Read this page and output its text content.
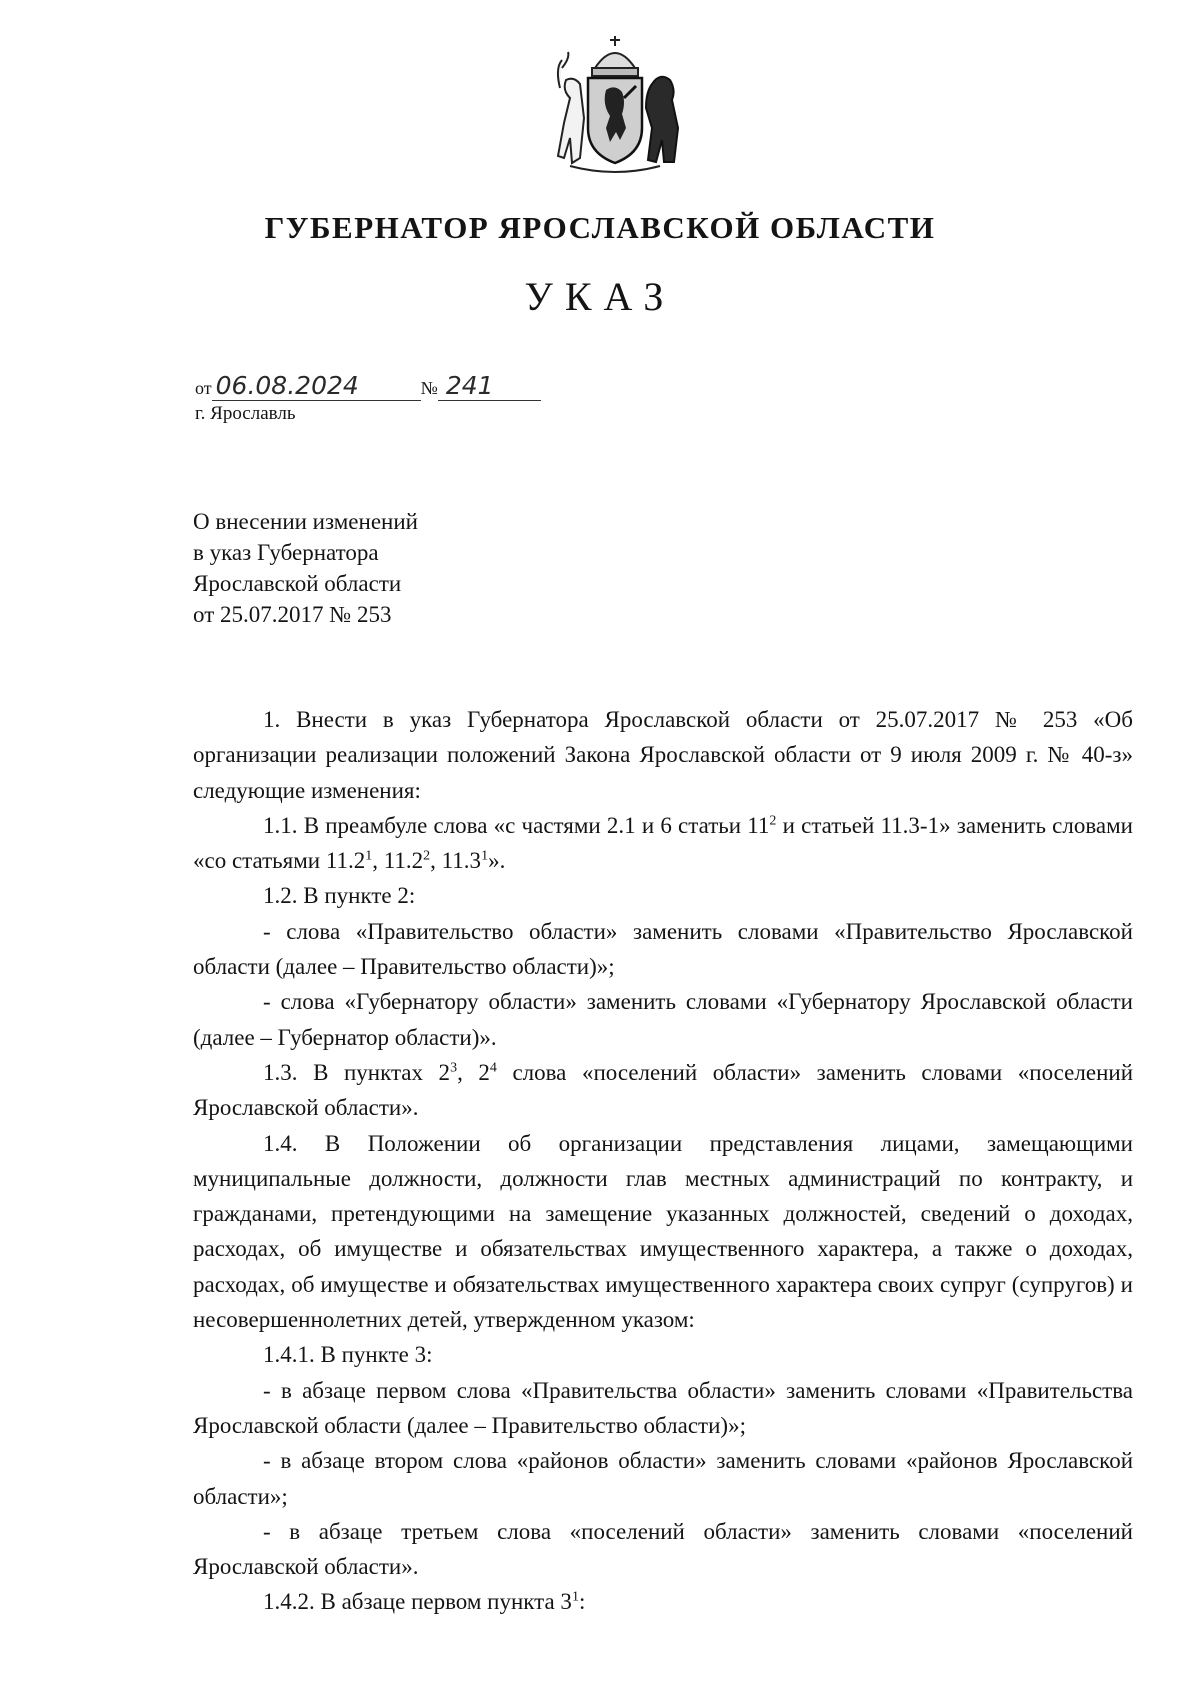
ГУБЕРНАТОР ЯРОСЛАВСКОЙ ОБЛАСТИ
УКАЗ
от 06.08.2024	№ 241
г. Ярославль
О внесении изменений
в указ Губернатора
Ярославской области
от 25.07.2017 № 253

1. Внести в указ Губернатора Ярославской области от 25.07.2017 № 253 «Об организации реализации положений Закона Ярославской области от 9 июля 2009 г. № 40-з» следующие изменения:

1.1. В преамбуле слова «с частями 2.1 и 6 статьи $11^2$ и статьей 11.3-1» заменить словами «со статьями 11.2$^1$, 11.2$^2$, 11.3$^1$».

1.2. В пункте 2:

- слова «Правительство области» заменить словами «Правительство Ярославской области (далее – Правительство области)»;

- слова «Губернатору области» заменить словами «Губернатору Ярославской области (далее – Губернатор области)».

1.3. В пунктах $2^3$, $2^4$ слова «поселений области» заменить словами «поселений Ярославской области».

1.4. В Положении об организации представления лицами, замещающими муниципальные должности, должности глав местных администраций по контракту, и гражданами, претендующими на замещение указанных должностей, сведений о доходах, расходах, об имуществе и обязательствах имущественного характера, а также о доходах, расходах, об имуществе и обязательствах имущественного характера своих супруг (супругов) и несовершеннолетних детей, утвержденном указом:

1.4.1. В пункте 3:

- в абзаце первом слова «Правительства области» заменить словами «Правительства Ярославской области (далее – Правительство области)»;

- в абзаце втором слова «районов области» заменить словами «районов Ярославской области»;

- в абзаце третьем слова «поселений области» заменить словами «поселений Ярославской области».

1.4.2. В абзаце первом пункта $3^1$:
